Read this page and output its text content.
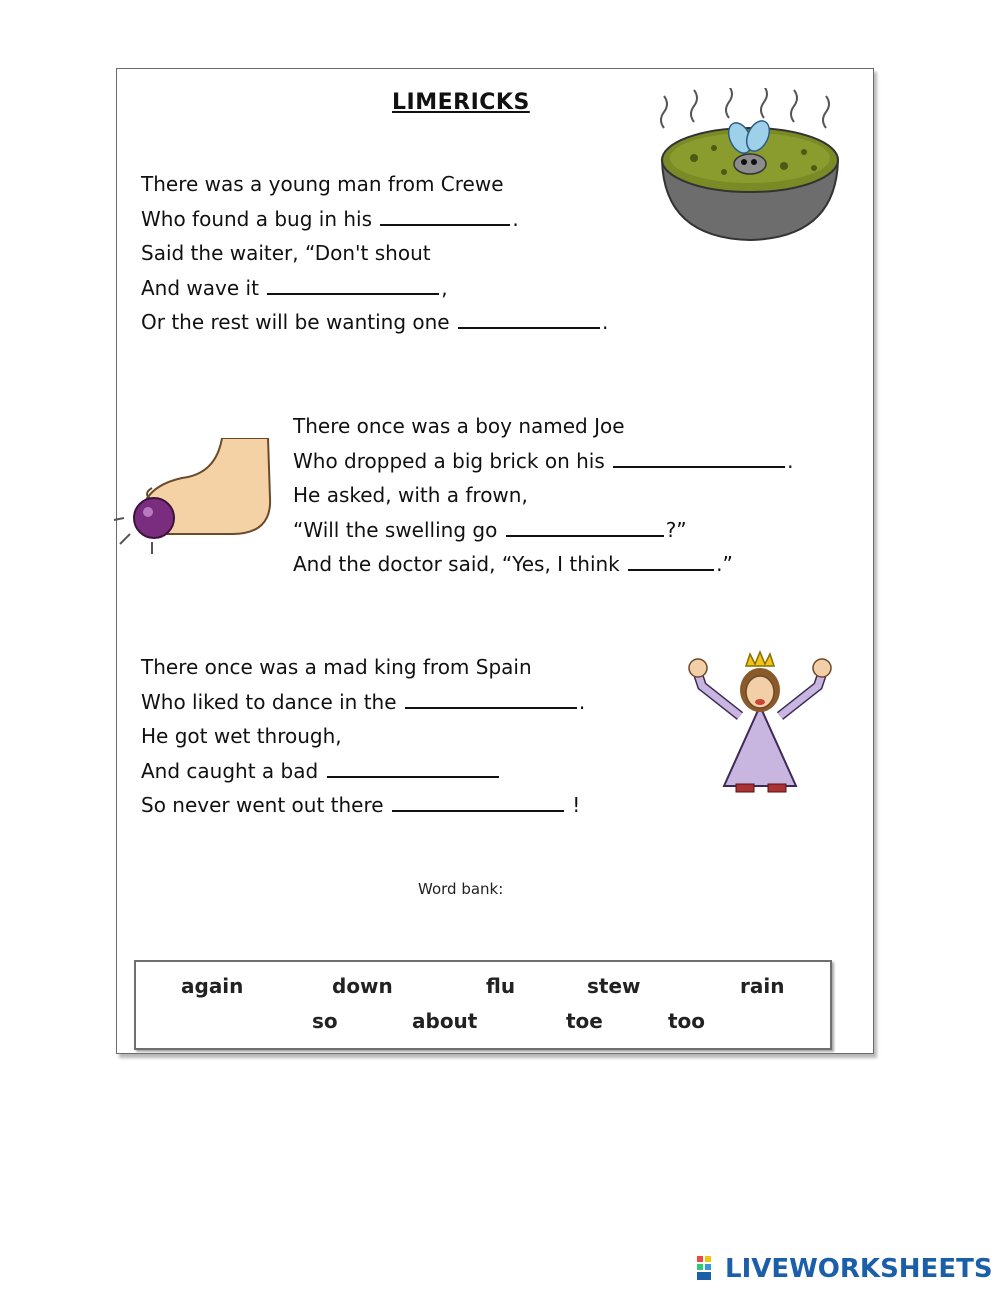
LIMERICKS
There was a young man from Crewe
Who found a bug in his	.
Said the waiter, “Don't shout
And wave it	,
Or the rest will be wanting one	.
There once was a boy named Joe
Who dropped a big brick on his	.
He asked, with a frown,
“Will the swelling go	?”
And the doctor said, “Yes, I think	.”
There once was a mad king from Spain
Who liked to dance in the	.
He got wet through,
And caught a bad
So never went out there	!
Word bank:
again	down	flu	stew	rain
so	about	toe	too
LIVEWORKSHEETS
